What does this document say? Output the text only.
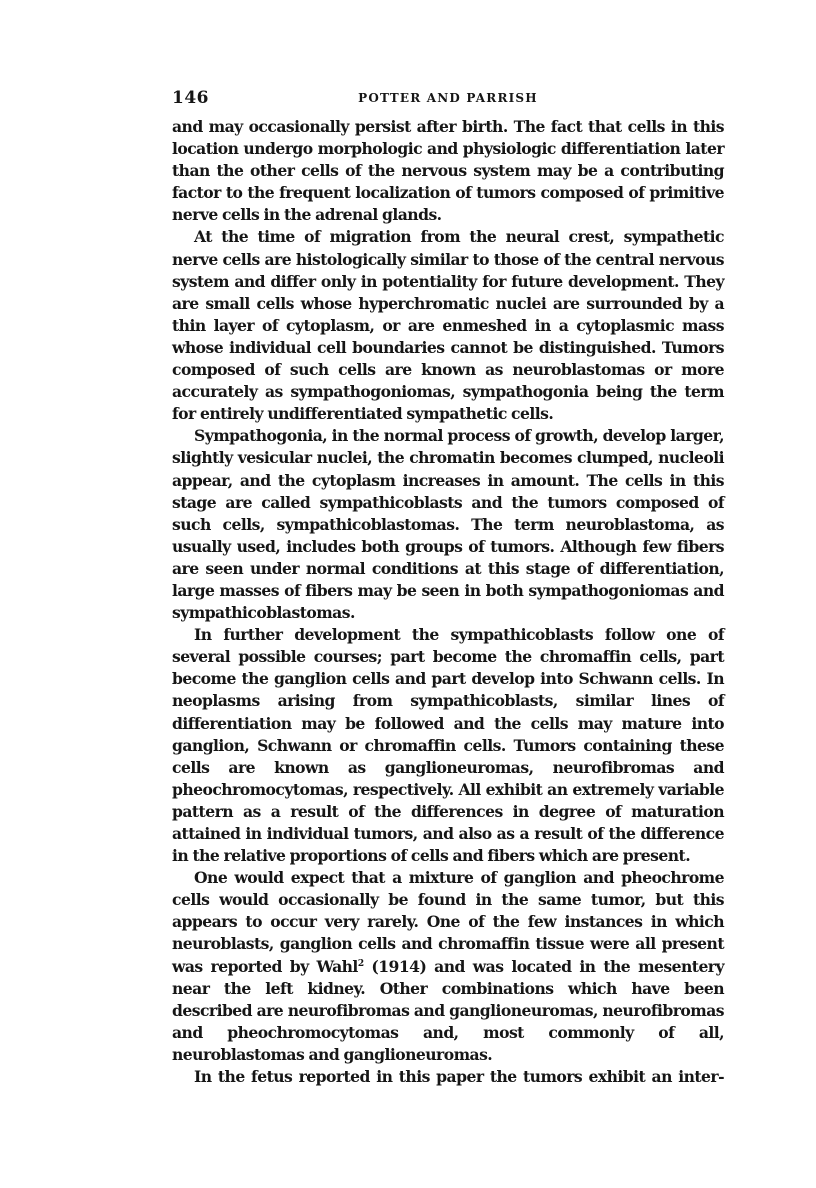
146	POTTER AND PARRISH

and may occasionally persist after birth. The fact that cells in this location undergo morphologic and physiologic differentiation later than the other cells of the nervous system may be a contributing factor to the frequent localization of tumors composed of primitive nerve cells in the adrenal glands.

At the time of migration from the neural crest, sympathetic nerve cells are histologically similar to those of the central nervous system and differ only in potentiality for future development. They are small cells whose hyperchromatic nuclei are surrounded by a thin layer of cytoplasm, or are enmeshed in a cytoplasmic mass whose individual cell boundaries cannot be distinguished. Tumors composed of such cells are known as neuroblastomas or more accurately as sympathogoniomas, sympathogonia being the term for entirely undifferentiated sympathetic cells.

Sympathogonia, in the normal process of growth, develop larger, slightly vesicular nuclei, the chromatin becomes clumped, nucleoli appear, and the cytoplasm increases in amount. The cells in this stage are called sympathicoblasts and the tumors composed of such cells, sympathicoblastomas. The term neuroblastoma, as usually used, includes both groups of tumors. Although few fibers are seen under normal conditions at this stage of differentiation, large masses of fibers may be seen in both sympathogoniomas and sympathicoblastomas.

In further development the sympathicoblasts follow one of several possible courses; part become the chromaffin cells, part become the ganglion cells and part develop into Schwann cells. In neoplasms arising from sympathicoblasts, similar lines of differentiation may be followed and the cells may mature into ganglion, Schwann or chromaffin cells. Tumors containing these cells are known as ganglioneuromas, neurofibromas and pheochromocytomas, respectively. All exhibit an extremely variable pattern as a result of the differences in degree of maturation attained in individual tumors, and also as a result of the difference in the relative proportions of cells and fibers which are present.

One would expect that a mixture of ganglion and pheochrome cells would occasionally be found in the same tumor, but this appears to occur very rarely. One of the few instances in which neuroblasts, ganglion cells and chromaffin tissue were all present was reported by Wahl$^2$ (1914) and was located in the mesentery near the left kidney. Other combinations which have been described are neurofibromas and ganglioneuromas, neurofibromas and pheochromocytomas and, most commonly of all, neuroblastomas and ganglioneuromas.

In the fetus reported in this paper the tumors exhibit an inter-
